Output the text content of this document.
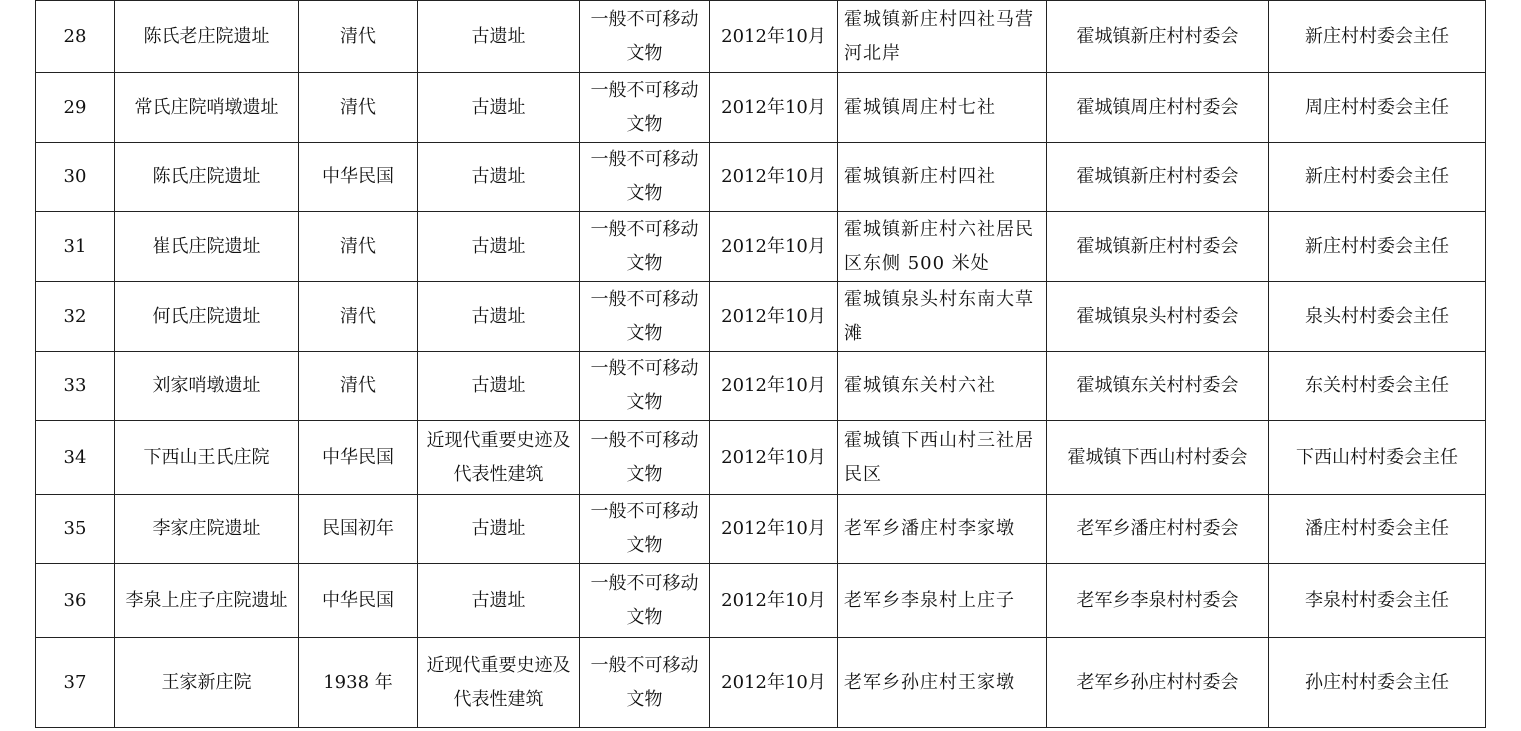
28	陈氏老庄院遗址	清代	古遗址	一般不可移动文物	2012年10月	霍城镇新庄村四社马营河北岸	霍城镇新庄村村委会	新庄村村委会主任
29	常氏庄院哨墩遗址	清代	古遗址	一般不可移动文物	2012年10月	霍城镇周庄村七社	霍城镇周庄村村委会	周庄村村委会主任
30	陈氏庄院遗址	中华民国	古遗址	一般不可移动文物	2012年10月	霍城镇新庄村四社	霍城镇新庄村村委会	新庄村村委会主任
31	崔氏庄院遗址	清代	古遗址	一般不可移动文物	2012年10月	霍城镇新庄村六社居民区东侧 500 米处	霍城镇新庄村村委会	新庄村村委会主任
32	何氏庄院遗址	清代	古遗址	一般不可移动文物	2012年10月	霍城镇泉头村东南大草滩	霍城镇泉头村村委会	泉头村村委会主任
33	刘家哨墩遗址	清代	古遗址	一般不可移动文物	2012年10月	霍城镇东关村六社	霍城镇东关村村委会	东关村村委会主任
34	下西山王氏庄院	中华民国	近现代重要史迹及代表性建筑	一般不可移动文物	2012年10月	霍城镇下西山村三社居民区	霍城镇下西山村村委会	下西山村村委会主任
35	李家庄院遗址	民国初年	古遗址	一般不可移动文物	2012年10月	老军乡潘庄村李家墩	老军乡潘庄村村委会	潘庄村村委会主任
36	李泉上庄子庄院遗址	中华民国	古遗址	一般不可移动文物	2012年10月	老军乡李泉村上庄子	老军乡李泉村村委会	李泉村村委会主任
37	王家新庄院	1938 年	近现代重要史迹及代表性建筑	一般不可移动文物	2012年10月	老军乡孙庄村王家墩	老军乡孙庄村村委会	孙庄村村委会主任
